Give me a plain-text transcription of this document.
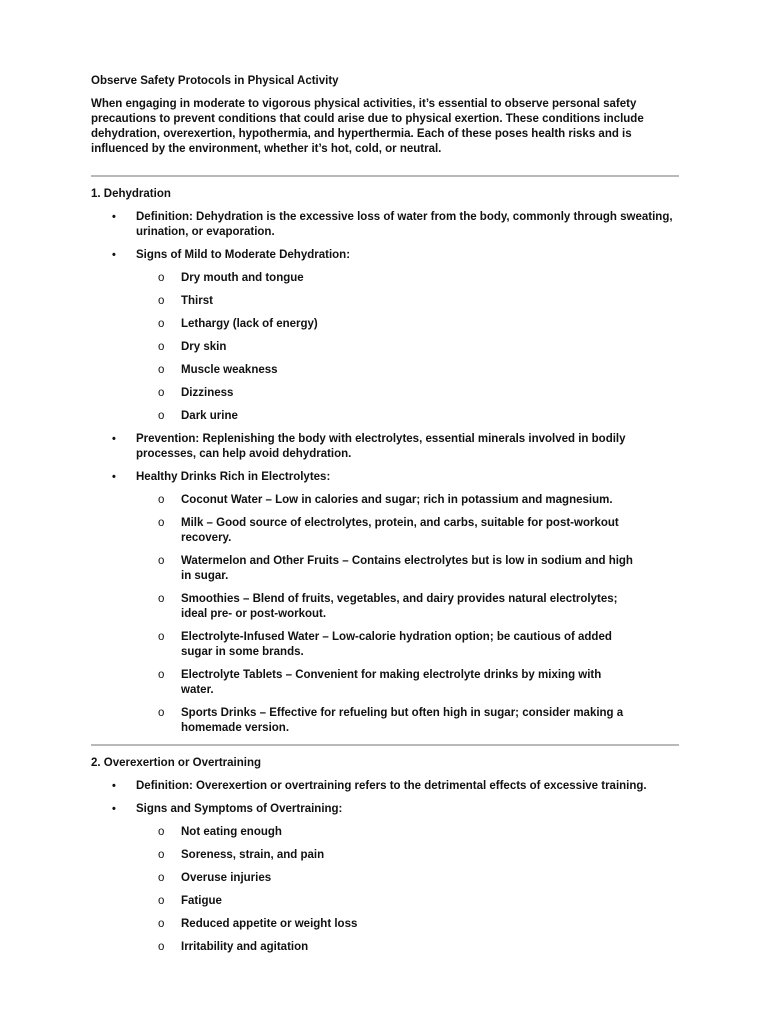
Observe Safety Protocols in Physical Activity
When engaging in moderate to vigorous physical activities, it’s essential to observe personal safety precautions to prevent conditions that could arise due to physical exertion. These conditions include dehydration, overexertion, hypothermia, and hyperthermia. Each of these poses health risks and is influenced by the environment, whether it’s hot, cold, or neutral.
1. Dehydration
• Definition: Dehydration is the excessive loss of water from the body, commonly through sweating, urination, or evaporation.
• Signs of Mild to Moderate Dehydration:
o Dry mouth and tongue
o Thirst
o Lethargy (lack of energy)
o Dry skin
o Muscle weakness
o Dizziness
o Dark urine
• Prevention: Replenishing the body with electrolytes, essential minerals involved in bodily processes, can help avoid dehydration.
• Healthy Drinks Rich in Electrolytes:
o Coconut Water – Low in calories and sugar; rich in potassium and magnesium.
o Milk – Good source of electrolytes, protein, and carbs, suitable for post-workout recovery.
o Watermelon and Other Fruits – Contains electrolytes but is low in sodium and high in sugar.
o Smoothies – Blend of fruits, vegetables, and dairy provides natural electrolytes; ideal pre- or post-workout.
o Electrolyte-Infused Water – Low-calorie hydration option; be cautious of added sugar in some brands.
o Electrolyte Tablets – Convenient for making electrolyte drinks by mixing with water.
o Sports Drinks – Effective for refueling but often high in sugar; consider making a homemade version.
2. Overexertion or Overtraining
• Definition: Overexertion or overtraining refers to the detrimental effects of excessive training.
• Signs and Symptoms of Overtraining:
o Not eating enough
o Soreness, strain, and pain
o Overuse injuries
o Fatigue
o Reduced appetite or weight loss
o Irritability and agitation
